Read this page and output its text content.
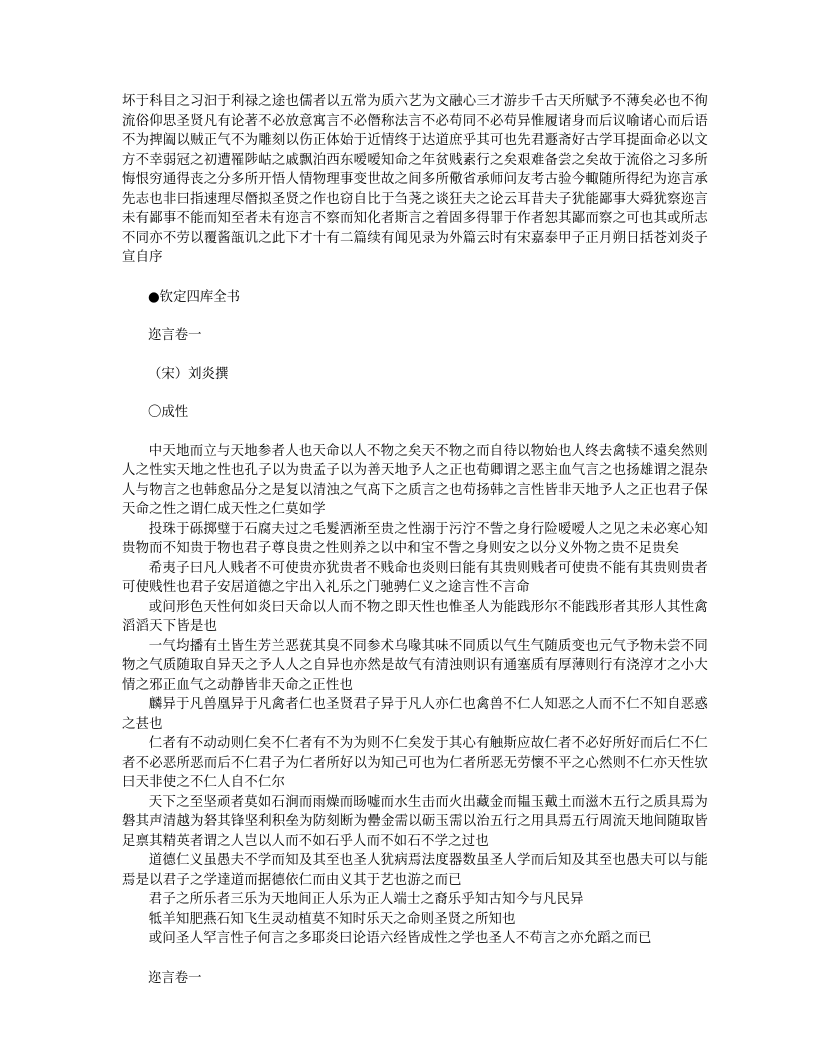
坏于科目之习汩于利禄之途也儒者以五常为质六艺为文融心三才游步千古天所赋予不薄矣必也不徇流俗仰思圣贤凡有论著不必放意寓言不必僭称法言不必苟同不必苟异惟履诸身而后议喻诸心而后语不为捭阖以贼正气不为雕刻以伤正体始于近情终于达道庶乎其可也先君遯斋好古学耳提面命必以文方不幸弱冠之初遭罹陟岵之戚飘泊西东嗳嗳知命之年贫贱素行之矣艰难备尝之矣故于流俗之习多所悔恨穷通得丧之分多所开悟人情物理事变世故之间多所儆省承师问友考古验今輙随所得纪为迩言承先志也非曰指速理尽僭拟圣贤之作也窃自比于刍荛之谈狂夫之论云耳昔夫子犹能鄙事大舜犹察迩言未有鄙事不能而知至者未有迩言不察而知化者斯言之着固多得罪于作者恕其鄙而察之可也其或所志不同亦不劳以覆酱瓿讥之此下才十有二篇续有闻见录为外篇云时有宋嘉泰甲子正月朔日括苍刘炎子宣自序

●钦定四库全书

迩言卷一

（宋）刘炎撰

〇成性

中天地而立与天地参者人也天命以人不物之矣天不物之而自待以物始也人终去禽犊不遠矣然则人之性实天地之性也孔子以为贵孟子以为善天地予人之正也荀卿谓之恶主血气言之也扬雄谓之混杂人与物言之也韩愈品分之是复以清浊之气髙下之质言之也苟扬韩之言性皆非天地予人之正也君子保天命之性之谓仁成天性之仁莫如学

投珠于砾掷璧于石腐夫过之毛髮洒淅至贵之性溺于污泞不訾之身行险嗳嗳人之见之未必寒心知贵物而不知贵于物也君子尊良贵之性则养之以中和宝不訾之身则安之以分义外物之贵不足贵矣

希夷子曰凡人贱者不可使贵亦犹贵者不贱命也炎则曰能有其贵则贱者可使贵不能有其贵则贵者可使贱性也君子安居道德之宇出入礼乐之门驰骋仁义之途言性不言命

或问形色天性何如炎曰天命以人而不物之即天性也惟圣人为能践形尔不能践形者其形人其性禽滔滔天下皆是也

一气均播有土皆生芳兰恶莸其臭不同参术乌喙其味不同质以气生气随质变也元气予物未尝不同物之气质随取自异天之予人人之自异也亦然是故气有清浊则识有通塞质有厚薄则行有浇淳才之小大情之邪正血气之动静皆非天命之正性也

麟异于凡兽凰异于凡禽者仁也圣贤君子异于凡人亦仁也禽兽不仁人知恶之人而不仁不知自恶惑之甚也

仁者有不动动则仁矣不仁者有不为为则不仁矣发于其心有触斯应故仁者不必好所好而后仁不仁者不必恶所恶而后不仁君子为仁者所好以为知己可也为仁者所恶无劳懷不平之心然则不仁亦天性欤曰天非使之不仁人自不仁尔

天下之至坚顽者莫如石涧而雨燥而旸嘘而水生击而火出藏金而韫玉戴土而滋木五行之质具焉为磐其声清越为砮其锋坚利积垒为防刻断为罍金需以砺玉需以治五行之用具焉五行周流天地间随取皆足禀其精英者谓之人岂以人而不如石乎人而不如石不学之过也

道德仁义虽愚夫不学而知及其至也圣人犹病焉法度器数虽圣人学而后知及其至也愚夫可以与能焉是以君子之学達道而据德依仁而由义其于艺也游之而已

君子之所乐者三乐为天地间正人乐为正人端士之裔乐乎知古知今与凡民异

牴羊知肥燕石知飞生灵动植莫不知时乐天之命则圣贤之所知也

或问圣人罕言性子何言之多耶炎曰论语六经皆成性之学也圣人不苟言之亦允蹈之而已

迩言卷一
